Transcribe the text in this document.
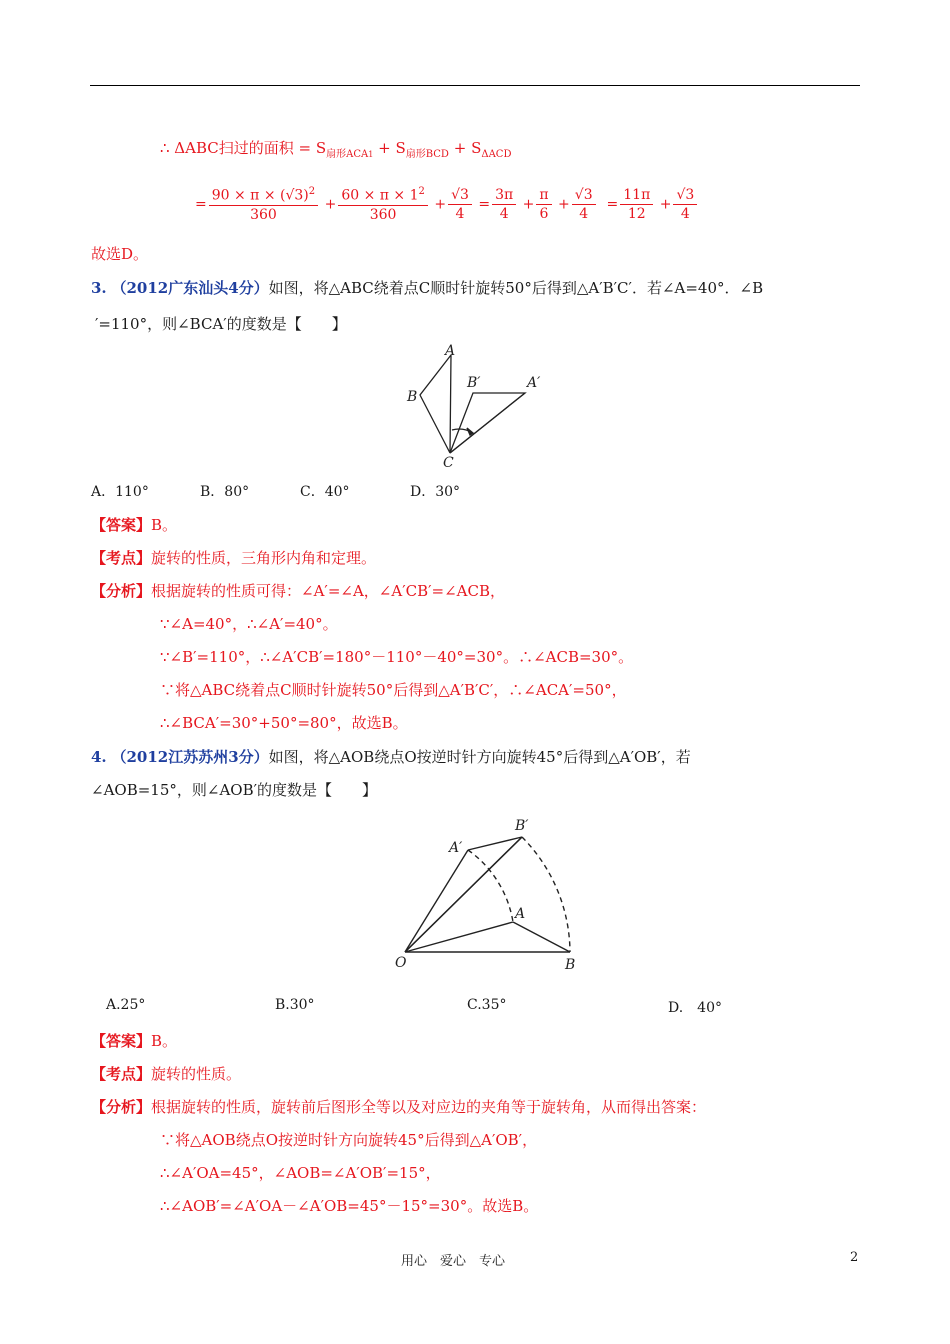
∴ ΔABC扫过的面积 = $S_{扇形ACA1} + S_{扇形BCD} + S_{\Delta ACD}$
= $\frac{90 \times \pi \times (√3)^2}{360} + \frac{60 \times \pi \times 1^2}{360} + \frac{√3}{4} = \frac{3\pi}{4} + \frac{\pi}{6} + \frac{√3}{4} = \frac{11\pi}{12} + \frac{√3}{4}$
故选D。
3. （2012广东汕头4分）如图，将△ABC绕着点C顺时针旋转50°后得到△A′B′C′．若∠A=40°．∠B
′=110°，则∠BCA′的度数是【　　】
A
B
C
B′	A′
A．110°	B．80°	C．40°	D．30°
【答案】B。
【考点】旋转的性质，三角形内角和定理。
【分析】根据旋转的性质可得：∠A′=∠A，∠A′CB′=∠ACB，
∵∠A=40°，∴∠A′=40°。
∵∠B′=110°，∴∠A′CB′=180°－110°－40°=30°。∴∠ACB=30°。
∵将△ABC绕着点C顺时针旋转50°后得到△A′B′C′，∴∠ACA′=50°，
∴∠BCA′=30°+50°=80°，故选B。
4. （2012江苏苏州3分）如图，将△AOB绕点O按逆时针方向旋转45°后得到△A′OB′，若
∠AOB=15°，则∠AOB′的度数是【　　】
O	B
A
A′
B′
A.25°	B.30°	C.35°	D.　40°
【答案】B。
【考点】旋转的性质。
【分析】根据旋转的性质，旋转前后图形全等以及对应边的夹角等于旋转角，从而得出答案：
∵将△AOB绕点O按逆时针方向旋转45°后得到△A′OB′，
∴∠A′OA=45°，∠AOB=∠A′OB′=15°，
∴∠AOB′=∠A′OA－∠A′OB=45°－15°=30°。故选B。
用心　爱心　专心	2
